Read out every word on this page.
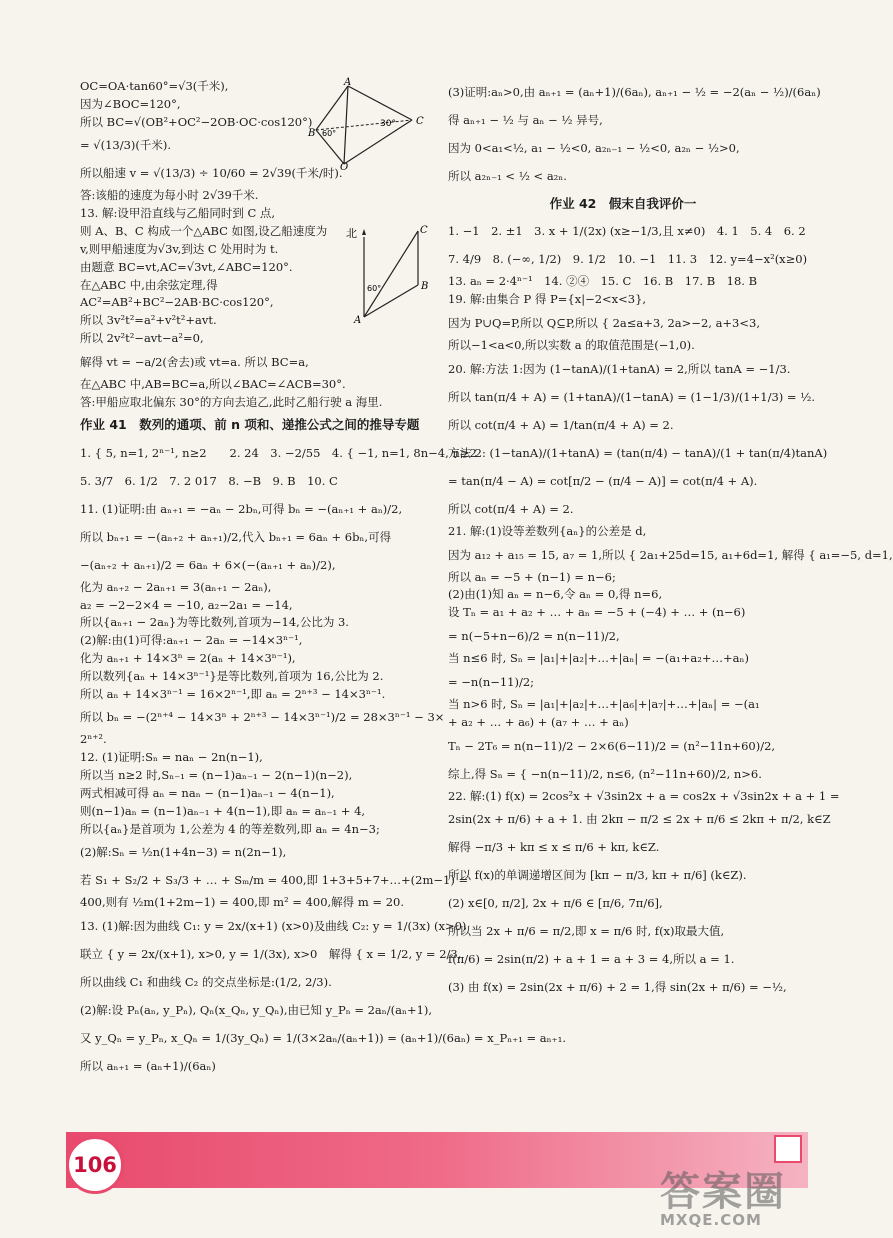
OC=OA·tan60°=√3(千米),
因为∠BOC=120°,
所以 BC=√(OB²+OC²−2OB·OC·cos120°)
= √(13/3)(千米).
所以船速 v = √(13/3) ÷ 10/60 = 2√39(千米/时).
答:该船的速度为每小时 2√39千米.
13. 解:设甲沿直线与乙船同时到 C 点,
则 A、B、C 构成一个△ABC 如图,设乙船速度为
v,则甲船速度为√3v,到达 C 处用时为 t.
由题意 BC=vt,AC=√3vt,∠ABC=120°.
在△ABC 中,由余弦定理,得
AC²=AB²+BC²−2AB·BC·cos120°,
所以 3v²t²=a²+v²t²+avt.
所以 2v²t²−avt−a²=0,
解得 vt = −a/2(舍去)或 vt=a. 所以 BC=a,
在△ABC 中,AB=BC=a,所以∠BAC=∠ACB=30°.
答:甲船应取北偏东 30°的方向去追乙,此时乙船行驶 a 海里.
作业 41　数列的通项、前 n 项和、递推公式之间的推导专题
1. { 5, n=1, 2ⁿ⁻¹, n≥2　　2. 24　3. −2/55　4. { −1, n=1, 8n−4, n≥2
5. 3/7　6. 1/2　7. 2 017　8. −B　9. B　10. C
11. (1)证明:由 aₙ₊₁ = −aₙ − 2bₙ,可得 bₙ = −(aₙ₊₁ + aₙ)/2,
所以 bₙ₊₁ = −(aₙ₊₂ + aₙ₊₁)/2,代入 bₙ₊₁ = 6aₙ + 6bₙ,可得
−(aₙ₊₂ + aₙ₊₁)/2 = 6aₙ + 6×(−(aₙ₊₁ + aₙ)/2),
化为 aₙ₊₂ − 2aₙ₊₁ = 3(aₙ₊₁ − 2aₙ),
a₂ = −2−2×4 = −10, a₂−2a₁ = −14,
所以{aₙ₊₁ − 2aₙ}为等比数列,首项为−14,公比为 3.
(2)解:由(1)可得:aₙ₊₁ − 2aₙ = −14×3ⁿ⁻¹,
化为 aₙ₊₁ + 14×3ⁿ = 2(aₙ + 14×3ⁿ⁻¹),
所以数列{aₙ + 14×3ⁿ⁻¹}是等比数列,首项为 16,公比为 2.
所以 aₙ + 14×3ⁿ⁻¹ = 16×2ⁿ⁻¹,即 aₙ = 2ⁿ⁺³ − 14×3ⁿ⁻¹.
所以 bₙ = −(2ⁿ⁺⁴ − 14×3ⁿ + 2ⁿ⁺³ − 14×3ⁿ⁻¹)/2 = 28×3ⁿ⁻¹ − 3×
2ⁿ⁺².
12. (1)证明:Sₙ = naₙ − 2n(n−1),
所以当 n≥2 时,Sₙ₋₁ = (n−1)aₙ₋₁ − 2(n−1)(n−2),
两式相减可得 aₙ = naₙ − (n−1)aₙ₋₁ − 4(n−1),
则(n−1)aₙ = (n−1)aₙ₋₁ + 4(n−1),即 aₙ = aₙ₋₁ + 4,
所以{aₙ}是首项为 1,公差为 4 的等差数列,即 aₙ = 4n−3;
(2)解:Sₙ = ½n(1+4n−3) = n(2n−1),
若 S₁ + S₂/2 + S₃/3 + … + Sₘ/m = 400,即 1+3+5+7+…+(2m−1) =
400,则有 ½m(1+2m−1) = 400,即 m² = 400,解得 m = 20.
13. (1)解:因为曲线 C₁: y = 2x/(x+1) (x>0)及曲线 C₂: y = 1/(3x) (x>0)
联立 { y = 2x/(x+1), x>0, y = 1/(3x), x>0　解得 { x = 1/2, y = 2/3,
所以曲线 C₁ 和曲线 C₂ 的交点坐标是:(1/2, 2/3).
(2)解:设 Pₙ(aₙ, y_Pₙ), Qₙ(x_Qₙ, y_Qₙ),由已知 y_Pₙ = 2aₙ/(aₙ+1),
又 y_Qₙ = y_Pₙ, x_Qₙ = 1/(3y_Qₙ) = 1/(3×2aₙ/(aₙ+1)) = (aₙ+1)/(6aₙ) = x_Pₙ₊₁ = aₙ₊₁.
所以 aₙ₊₁ = (aₙ+1)/(6aₙ)
(3)证明:aₙ>0,由 aₙ₊₁ = (aₙ+1)/(6aₙ), aₙ₊₁ − ½ = −2(aₙ − ½)/(6aₙ)
得 aₙ₊₁ − ½ 与 aₙ − ½ 异号,
因为 0<a₁<½, a₁ − ½<0, a₂ₙ₋₁ − ½<0, a₂ₙ − ½>0,
所以 a₂ₙ₋₁ < ½ < a₂ₙ.
作业 42　假末自我评价一
1. −1　2. ±1　3. x + 1/(2x) (x≥−1/3,且 x≠0)　4. 1　5. 4　6. 2
7. 4/9　8. (−∞, 1/2)　9. 1/2　10. −1　11. 3　12. y=4−x²(x≥0)
13. aₙ = 2·4ⁿ⁻¹　14. ②④　15. C　16. B　17. B　18. B
19. 解:由集合 P 得 P={x|−2<x<3},
因为 P∪Q=P,所以 Q⊆P,所以 { 2a≤a+3, 2a>−2, a+3<3,
所以−1<a<0,所以实数 a 的取值范围是(−1,0).
20. 解:方法 1:因为 (1−tanA)/(1+tanA) = 2,所以 tanA = −1/3.
所以 tan(π/4 + A) = (1+tanA)/(1−tanA) = (1−1/3)/(1+1/3) = ½.
所以 cot(π/4 + A) = 1/tan(π/4 + A) = 2.
方法 2: (1−tanA)/(1+tanA) = (tan(π/4) − tanA)/(1 + tan(π/4)tanA)
= tan(π/4 − A) = cot[π/2 − (π/4 − A)] = cot(π/4 + A).
所以 cot(π/4 + A) = 2.
21. 解:(1)设等差数列{aₙ}的公差是 d,
因为 a₁₂ + a₁₅ = 15, a₇ = 1,所以 { 2a₁+25d=15, a₁+6d=1, 解得 { a₁=−5, d=1,
所以 aₙ = −5 + (n−1) = n−6;
(2)由(1)知 aₙ = n−6,令 aₙ = 0,得 n=6,
设 Tₙ = a₁ + a₂ + … + aₙ = −5 + (−4) + … + (n−6)
= n(−5+n−6)/2 = n(n−11)/2,
当 n≤6 时, Sₙ = |a₁|+|a₂|+…+|aₙ| = −(a₁+a₂+…+aₙ)
= −n(n−11)/2;
当 n>6 时, Sₙ = |a₁|+|a₂|+…+|a₆|+|a₇|+…+|aₙ| = −(a₁
+ a₂ + … + a₆) + (a₇ + … + aₙ)
Tₙ − 2T₆ = n(n−11)/2 − 2×6(6−11)/2 = (n²−11n+60)/2,
综上,得 Sₙ = { −n(n−11)/2, n≤6, (n²−11n+60)/2, n>6.
22. 解:(1) f(x) = 2cos²x + √3sin2x + a = cos2x + √3sin2x + a + 1 =
2sin(2x + π/6) + a + 1. 由 2kπ − π/2 ≤ 2x + π/6 ≤ 2kπ + π/2, k∈Z
解得 −π/3 + kπ ≤ x ≤ π/6 + kπ, k∈Z.
所以 f(x)的单调递增区间为 [kπ − π/3, kπ + π/6] (k∈Z).
(2) x∈[0, π/2], 2x + π/6 ∈ [π/6, 7π/6],
所以当 2x + π/6 = π/2,即 x = π/6 时, f(x)取最大值,
f(π/6) = 2sin(π/2) + a + 1 = a + 3 = 4,所以 a = 1.
(3) 由 f(x) = 2sin(2x + π/6) + 2 = 1,得 sin(2x + π/6) = −½,
A
B
O
C
60°
30°
北	C
B
A
60°
106
答案圈
MXQE.COM
